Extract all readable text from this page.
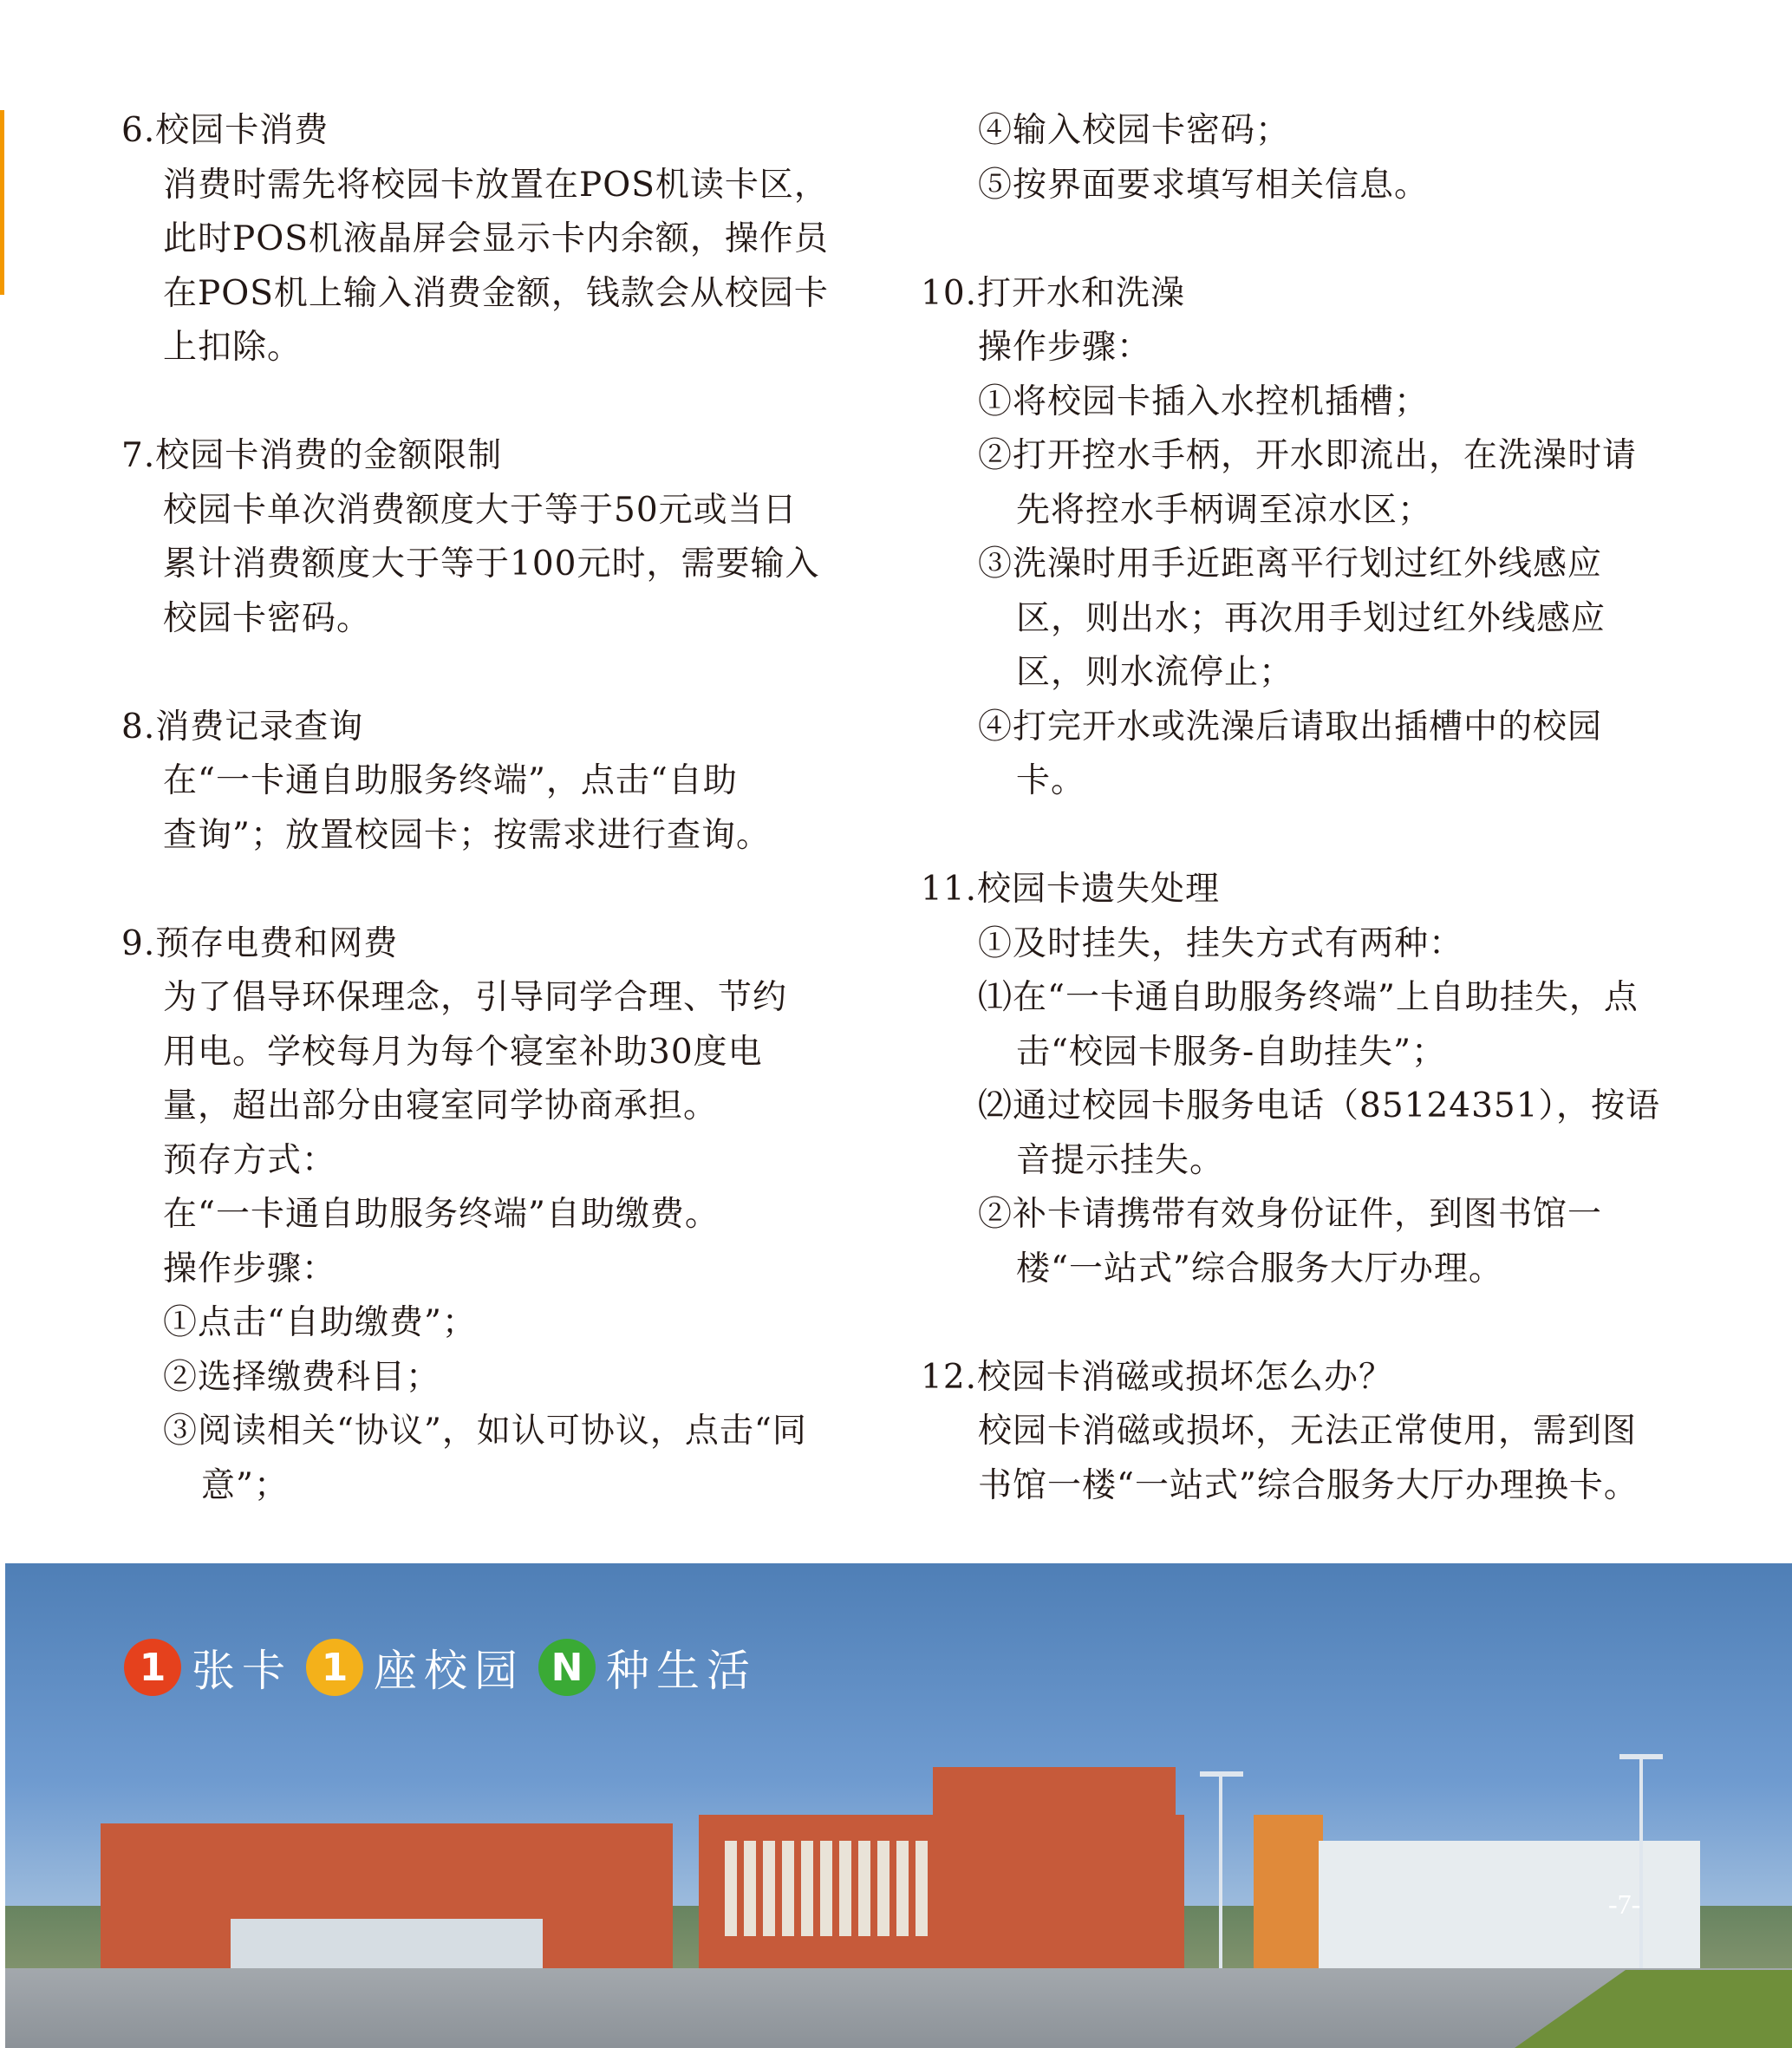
6.校园卡消费

消费时需先将校园卡放置在POS机读卡区，
此时POS机液晶屏会显示卡内余额，操作员
在POS机上输入消费金额，钱款会从校园卡
上扣除。

7.校园卡消费的金额限制

校园卡单次消费额度大于等于50元或当日
累计消费额度大于等于100元时，需要输入
校园卡密码。

8.消费记录查询

在“一卡通自助服务终端”，点击“自助
查询”；放置校园卡；按需求进行查询。

9.预存电费和网费

为了倡导环保理念，引导同学合理、节约
用电。学校每月为每个寝室补助30度电
量，超出部分由寝室同学协商承担。

预存方式：

在“一卡通自助服务终端”自助缴费。

操作步骤：

①点击“自助缴费”；

②选择缴费科目；

③阅读相关“协议”，如认可协议，点击“同意”；

④输入校园卡密码；

⑤按界面要求填写相关信息。

10.打开水和洗澡

操作步骤：

①将校园卡插入水控机插槽；

②打开控水手柄，开水即流出，在洗澡时请先将控水手柄调至凉水区；

③洗澡时用手近距离平行划过红外线感应区，则出水；再次用手划过红外线感应区，则水流停止；

④打完开水或洗澡后请取出插槽中的校园卡。

11.校园卡遗失处理

①及时挂失，挂失方式有两种：

⑴在“一卡通自助服务终端”上自助挂失，点击“校园卡服务-自助挂失”；

⑵通过校园卡服务电话（85124351），按语音提示挂失。

②补卡请携带有效身份证件，到图书馆一楼“一站式”综合服务大厅办理。

12.校园卡消磁或损坏怎么办？

校园卡消磁或损坏，无法正常使用，需到图书馆一楼“一站式”综合服务大厅办理换卡。

1 张卡 1 座校园 N 种生活
-7-
